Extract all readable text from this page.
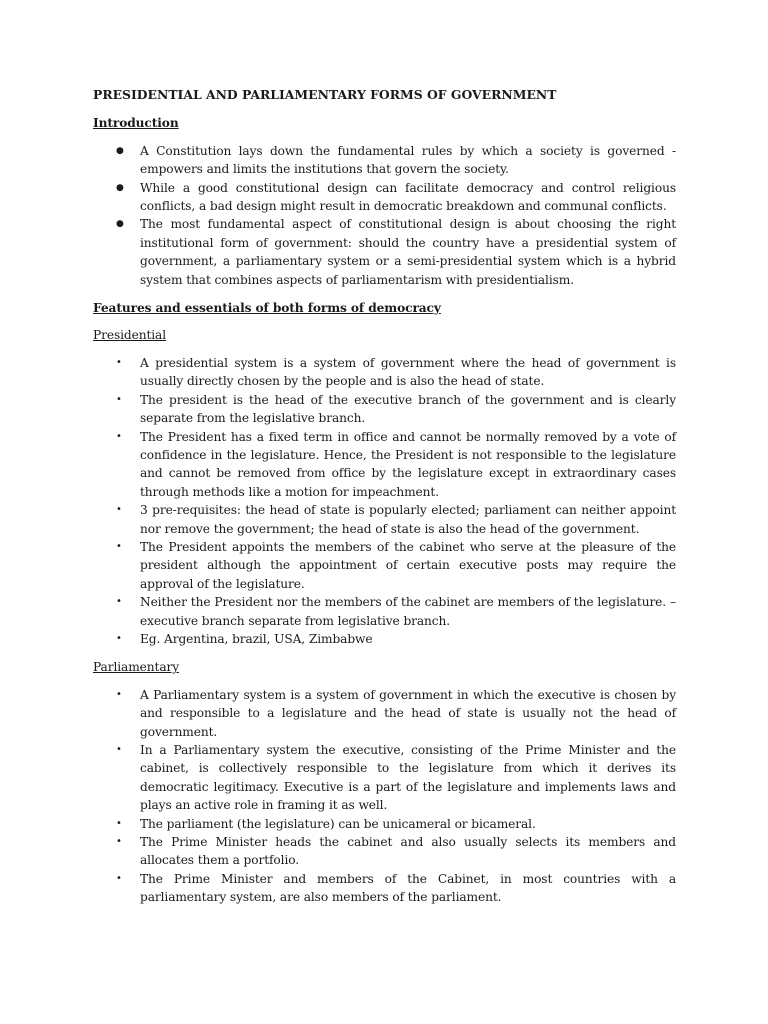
PRESIDENTIAL AND PARLIAMENTARY FORMS OF GOVERNMENT
Introduction
● A Constitution lays down the fundamental rules by which a society is governed - empowers and limits the institutions that govern the society.
● While a good constitutional design can facilitate democracy and control religious conflicts, a bad design might result in democratic breakdown and communal conflicts.
● The most fundamental aspect of constitutional design is about choosing the right institutional form of government: should the country have a presidential system of government, a parliamentary system or a semi-presidential system which is a hybrid system that combines aspects of parliamentarism with presidentialism.
Features and essentials of both forms of democracy
Presidential
• A presidential system is a system of government where the head of government is usually directly chosen by the people and is also the head of state.
• The president is the head of the executive branch of the government and is clearly separate from the legislative branch.
• The President has a fixed term in office and cannot be normally removed by a vote of confidence in the legislature. Hence, the President is not responsible to the legislature and cannot be removed from office by the legislature except in extraordinary cases through methods like a motion for impeachment.
• 3 pre-requisites: the head of state is popularly elected; parliament can neither appoint nor remove the government; the head of state is also the head of the government.
• The President appoints the members of the cabinet who serve at the pleasure of the president although the appointment of certain executive posts may require the approval of the legislature.
• Neither the President nor the members of the cabinet are members of the legislature. – executive branch separate from legislative branch.
• Eg. Argentina, brazil, USA, Zimbabwe
Parliamentary
• A Parliamentary system is a system of government in which the executive is chosen by and responsible to a legislature and the head of state is usually not the head of government.
• In a Parliamentary system the executive, consisting of the Prime Minister and the cabinet, is collectively responsible to the legislature from which it derives its democratic legitimacy. Executive is a part of the legislature and implements laws and plays an active role in framing it as well.
• The parliament (the legislature) can be unicameral or bicameral.
• The Prime Minister heads the cabinet and also usually selects its members and allocates them a portfolio.
• The Prime Minister and members of the Cabinet, in most countries with a parliamentary system, are also members of the parliament.
